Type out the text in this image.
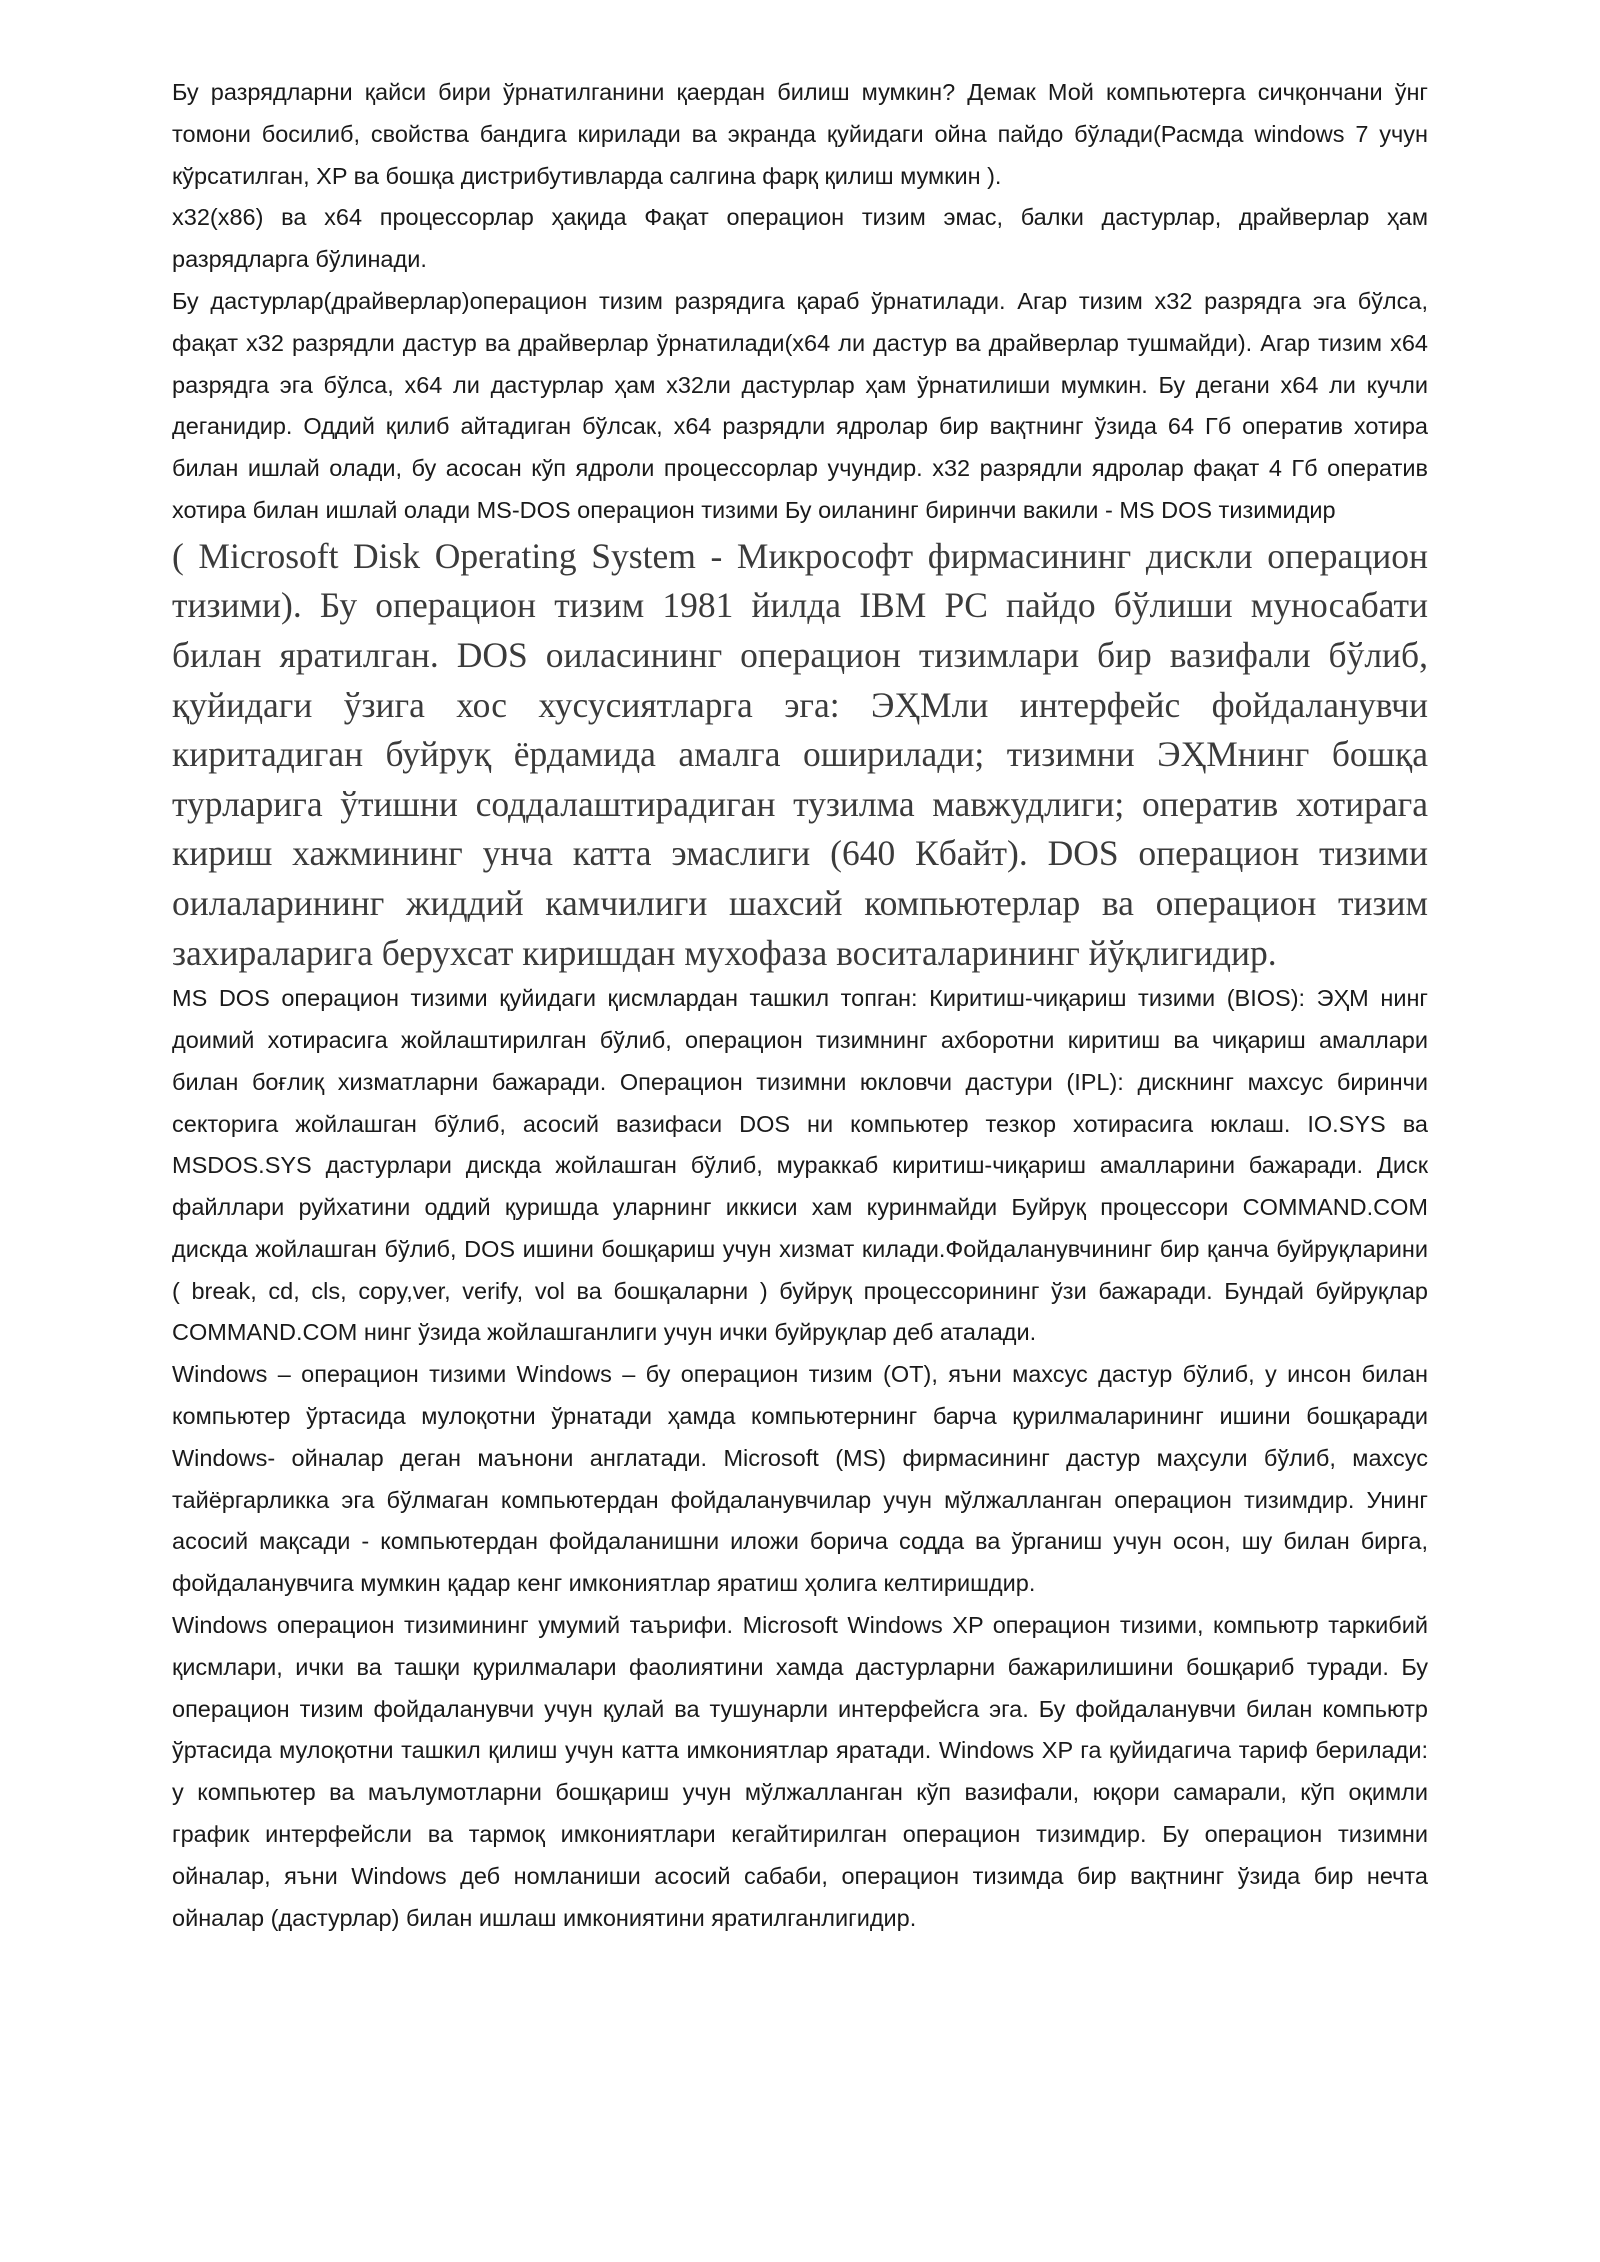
Бу разрядларни қайси бири ўрнатилганини қаердан билиш мумкин? Демак Мой компьютерга сичқончани ўнг томони босилиб, свойства бандига кирилади ва экранда қуйидаги ойна пайдо бўлади(Расмда windows 7 учун кўрсатилган, XP ва бошқа дистрибутивларда салгина фарқ қилиш мумкин ).

x32(x86) ва x64 процессорлар ҳақида Фақат операцион тизим эмас, балки дастурлар, драйверлар ҳам разрядларга бўлинади.

Бу дастурлар(драйверлар)операцион тизим разрядига қараб ўрнатилади. Агар тизим x32 разрядга эга бўлса, фақат x32 разрядли дастур ва драйверлар ўрнатилади(x64 ли дастур ва драйверлар тушмайди). Агар тизим x64 разрядга эга бўлса, x64 ли дастурлар ҳам x32ли дастурлар ҳам ўрнатилиши мумкин. Бу дегани x64 ли кучли деганидир. Оддий қилиб айтадиган бўлсак, x64 разрядли ядролар бир вақтнинг ўзида 64 Гб оператив хотира билан ишлай олади, бу асосан кўп ядроли процессорлар учундир. x32 разрядли ядролар фақат 4 Гб оператив хотира билан ишлай олади MS-DOS операцион тизими Бу оиланинг биринчи вакили - MS DOS тизимидир

( Microsoft Disk Operating System - Микрософт фирмасининг дискли операцион тизими). Бу операцион тизим 1981 йилда IBM PC пайдо бўлиши муносабати билан яратилган. DOS оиласининг операцион тизимлари бир вазифали бўлиб, қуйидаги ўзига хос хусусиятларга эга: ЭҲМли интерфейс фойдаланувчи киритадиган буйруқ ёрдамида амалга оширилади; тизимни ЭҲМнинг бошқа турларига ўтишни соддалаштирадиган тузилма мавжудлиги; оператив хотирага кириш хажмининг унча катта эмаслиги (640 Кбайт). DOS операцион тизими оилаларининг жиддий камчилиги шахсий компьютерлар ва операцион тизим захираларига берухсат киришдан мухофаза воситаларининг йўқлигидир.

MS DOS операцион тизими қуйидаги қисмлардан ташкил топган: Киритиш-чиқариш тизими (BIOS): ЭҲМ нинг доимий хотирасига жойлаштирилган бўлиб, операцион тизимнинг ахборотни киритиш ва чиқариш амаллари билан боғлиқ хизматларни бажаради. Операцион тизимни юкловчи дастури (IPL): дискнинг махсус биринчи секторига жойлашган бўлиб, асосий вазифаси DOS ни компьютер тезкор хотирасига юклаш. IO.SYS ва MSDOS.SYS дастурлари дискда жойлашган бўлиб, мураккаб киритиш-чиқариш амалларини бажаради. Диск файллари руйхатини оддий қуришда уларнинг иккиси хам куринмайди Буйруқ процессори COMMAND.COM дискда жойлашган бўлиб, DOS ишини бошқариш учун хизмат килади.Фойдаланувчининг бир қанча буйруқларини ( break, cd, cls, copy,ver, verify, vol ва бошқаларни ) буйруқ процессорининг ўзи бажаради. Бундай буйруқлар COMMAND.COM нинг ўзида жойлашганлиги учун ички буйруқлар деб аталади.

Windows – операцион тизими Windows – бу операцион тизим (ОТ), яъни махсус дастур бўлиб, у инсон билан компьютер ўртасида мулоқотни ўрнатади ҳамда компьютернинг барча қурилмаларининг ишини бошқаради Windows- ойналар деган маънони англатади. Microsoft (MS) фирмасининг дастур маҳсули бўлиб, махсус тайёргарликка эга бўлмаган компьютердан фойдаланувчилар учун мўлжалланган операцион тизимдир. Унинг асосий мақсади - компьютердан фойдаланишни иложи борича содда ва ўрганиш учун осон, шу билан бирга, фойдаланувчига мумкин қадар кенг имкониятлар яратиш ҳолига келтиришдир.

Windows операцион тизимининг умумий таърифи. Microsoft Windows XP операцион тизими, компьютр таркибий қисмлари, ички ва ташқи қурилмалари фаолиятини хамда дастурларни бажарилишини бошқариб туради. Бу операцион тизим фойдаланувчи учун қулай ва тушунарли интерфейсга эга. Бу фойдаланувчи билан компьютр ўртасида мулоқотни ташкил қилиш учун катта имкониятлар яратади. Windows XP га қуйидагича тариф берилади: у компьютер ва маълумотларни бошқариш учун мўлжалланган кўп вазифали, юқори самарали, кўп оқимли график интерфейсли ва тармоқ имкониятлари кегайтирилган операцион тизимдир. Бу операцион тизимни ойналар, яъни Windows деб номланиши асосий сабаби, операцион тизимда бир вақтнинг ўзида бир нечта ойналар (дастурлар) билан ишлаш имкониятини яратилганлигидир.
